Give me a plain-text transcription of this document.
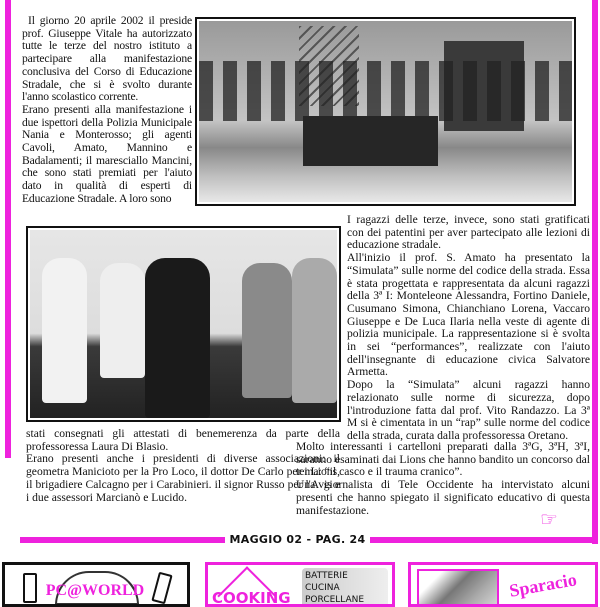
MAGGIO 02 - PAG. 24

Il giorno 20 aprile 2002 il preside prof. Giuseppe Vitale ha autorizzato tutte le terze del nostro istituto a partecipare alla manifestazione conclusiva del Corso di Educazione Stradale, che si è svolto durante l'anno scolastico corrente.

Erano presenti alla manifestazione i due ispettori della Polizia Municipale Nania e Monterosso; gli agenti Cavoli, Amato, Mannino e Badalamenti; il maresciallo Mancini, che sono stati premiati per l'aiuto dato in qualità di esperti di Educazione Stradale. A loro sono

I ragazzi delle terze, invece, sono stati gratificati con dei patentini per aver partecipato alle lezioni di educazione stradale.

All'inizio il prof. S. Amato ha presentato la “Simulata” sulle norme del codice della strada. Essa è stata progettata e rappresentata da alcuni ragazzi della 3ª I: Monteleone Alessandra, Fortino Daniele, Cusumano Simona, Chianchiano Lorena, Vaccaro Giuseppe e De Luca Ilaria nella veste di agente di polizia municipale. La rappresentazione si è svolta in sei “performances”, realizzate con l'aiuto dell'insegnante di educazione civica Salvatore Armetta.

Dopo la “Simulata” alcuni ragazzi hanno relazionato sulle norme di sicurezza, dopo l'introduzione fatta dal prof. Vito Randazzo. La 3ª M si è cimentata in un “rap” sulle norme del codice della strada, curata dalla professoressa Oretano.

stati consegnati gli attestati di benemerenza da parte della professoressa Laura Di Blasio.

Erano presenti anche i presidenti di diverse associazioni: il geometra Manicioto per la Pro Loco, il dottor De Carlo per i Lions, il brigadiere Calcagno per i Carabinieri. il signor Russo per l'Avis e i due assessori Marcianò e Lucido.

Molto interessanti i cartelloni preparati dalla 3ªG, 3ªH, 3ªI, saranno esaminati dai Lions che hanno bandito un concorso dal tema: “il casco e il trauma cranico”.

Una giornalista di Tele Occidente ha intervistato alcuni presenti che hanno spiegato il significato educativo di questa manifestazione.	☞
PC@WORLD	COOKING
BATTERIE CUCINA
PORCELLANE	Sparacio
